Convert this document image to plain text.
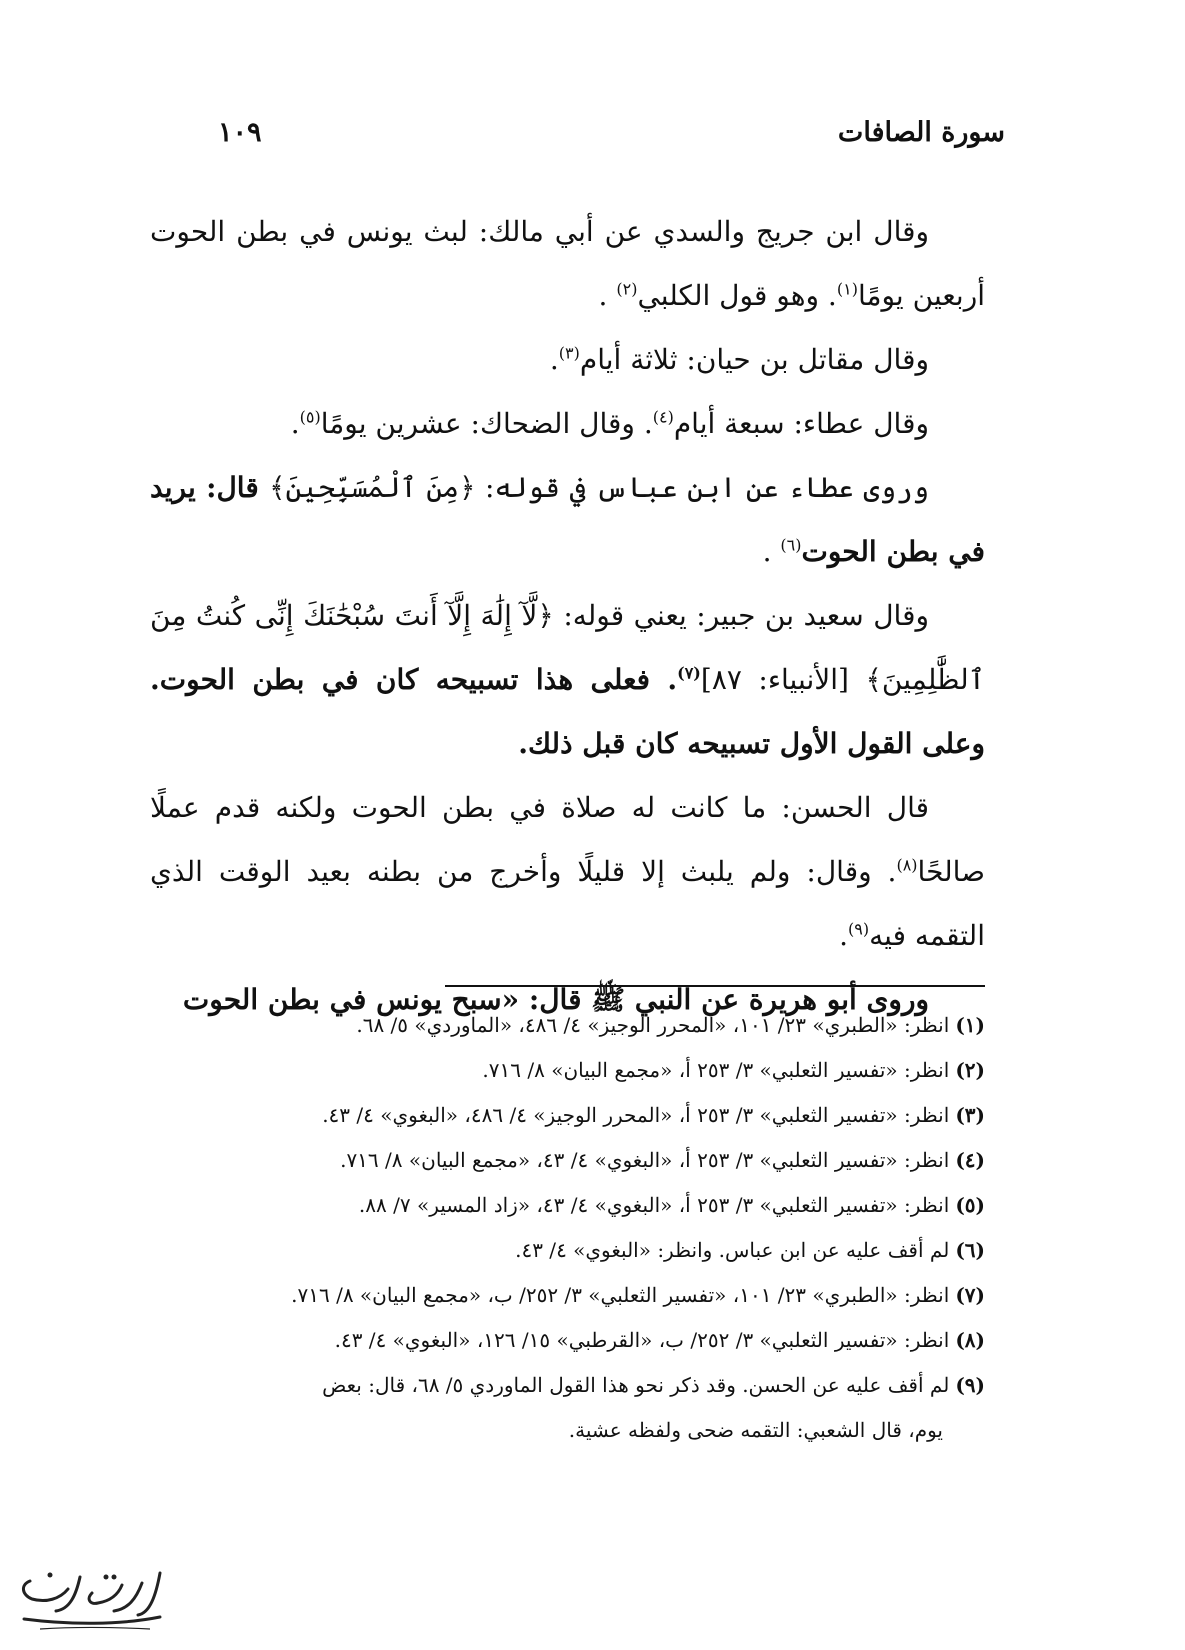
سورة الصافات
١٠٩

وقال ابن جريج والسدي عن أبي مالك: لبث يونس في بطن الحوت أربعين يومًا$^{(١)}$. وهو قول الكلبي$^{(٢)}$ .

وقال مقاتل بن حيان: ثلاثة أيام$^{(٣)}$.

وقال عطاء: سبعة أيام$^{(٤)}$. وقال الضحاك: عشرين يومًا$^{(٥)}$.

وروى عطاء عن ابن عباس في قوله: ﴿مِنَ ٱلْمُسَبِّحِينَ﴾ قال: يريد في بطن الحوت$^{(٦)}$ .

وقال سعيد بن جبير: يعني قوله: ﴿لَّآ إِلَٰهَ إِلَّآ أَنتَ سُبْحَٰنَكَ إِنِّى كُنتُ مِنَ ٱلظَّٰلِمِينَ﴾ [الأنبياء: ٨٧]$^{(٧)}$. فعلى هذا تسبيحه كان في بطن الحوت. وعلى القول الأول تسبيحه كان قبل ذلك.

قال الحسن: ما كانت له صلاة في بطن الحوت ولكنه قدم عملًا صالحًا$^{(٨)}$. وقال: ولم يلبث إلا قليلًا وأخرج من بطنه بعيد الوقت الذي التقمه فيه$^{(٩)}$.

وروى أبو هريرة عن النبي ﷺ قال: «سبح يونس في بطن الحوت

(١)انظر: «الطبري» ٢٣/ ١٠١، «المحرر الوجيز» ٤/ ٤٨٦، «الماوردي» ٥/ ٦٨.

(٢)انظر: «تفسير الثعلبي» ٣/ ٢٥٣ أ، «مجمع البيان» ٨/ ٧١٦.

(٣)انظر: «تفسير الثعلبي» ٣/ ٢٥٣ أ، «المحرر الوجيز» ٤/ ٤٨٦، «البغوي» ٤/ ٤٣.

(٤)انظر: «تفسير الثعلبي» ٣/ ٢٥٣ أ، «البغوي» ٤/ ٤٣، «مجمع البيان» ٨/ ٧١٦.

(٥)انظر: «تفسير الثعلبي» ٣/ ٢٥٣ أ، «البغوي» ٤/ ٤٣، «زاد المسير» ٧/ ٨٨.

(٦)لم أقف عليه عن ابن عباس. وانظر: «البغوي» ٤/ ٤٣.

(٧)انظر: «الطبري» ٢٣/ ١٠١، «تفسير الثعلبي» ٣/ ٢٥٢/ ب، «مجمع البيان» ٨/ ٧١٦.

(٨)انظر: «تفسير الثعلبي» ٣/ ٢٥٢/ ب، «القرطبي» ١٥/ ١٢٦، «البغوي» ٤/ ٤٣.

(٩)لم أقف عليه عن الحسن. وقد ذكر نحو هذا القول الماوردي ٥/ ٦٨، قال: بعض

يوم، قال الشعبي: التقمه ضحى ولفظه عشية.
